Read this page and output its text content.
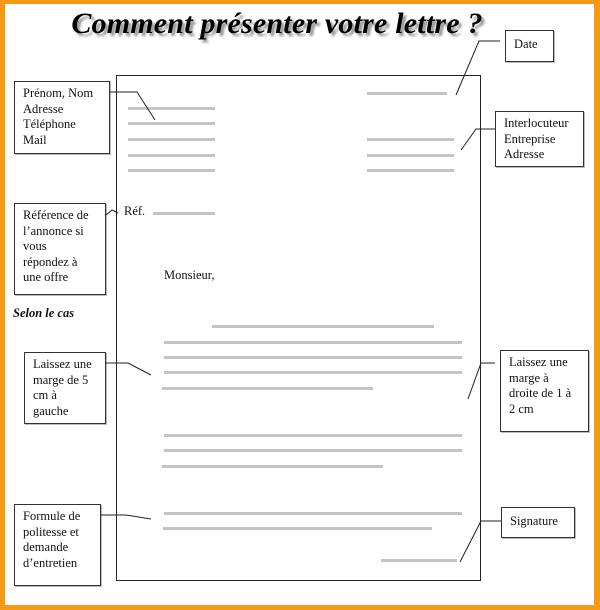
Comment présenter votre lettre ?
Réf.
Monsieur,
Prénom, Nom
Adresse
Téléphone
Mail
Date
Interlocuteur
Entreprise
Adresse
Référence de
l’annonce si
vous
répondez à
une offre
Selon le cas
Laissez une
marge de 5
cm à
gauche
Laissez une
marge à
droite de 1 à
2 cm
Formule de
politesse et
demande
d’entretien
Signature
